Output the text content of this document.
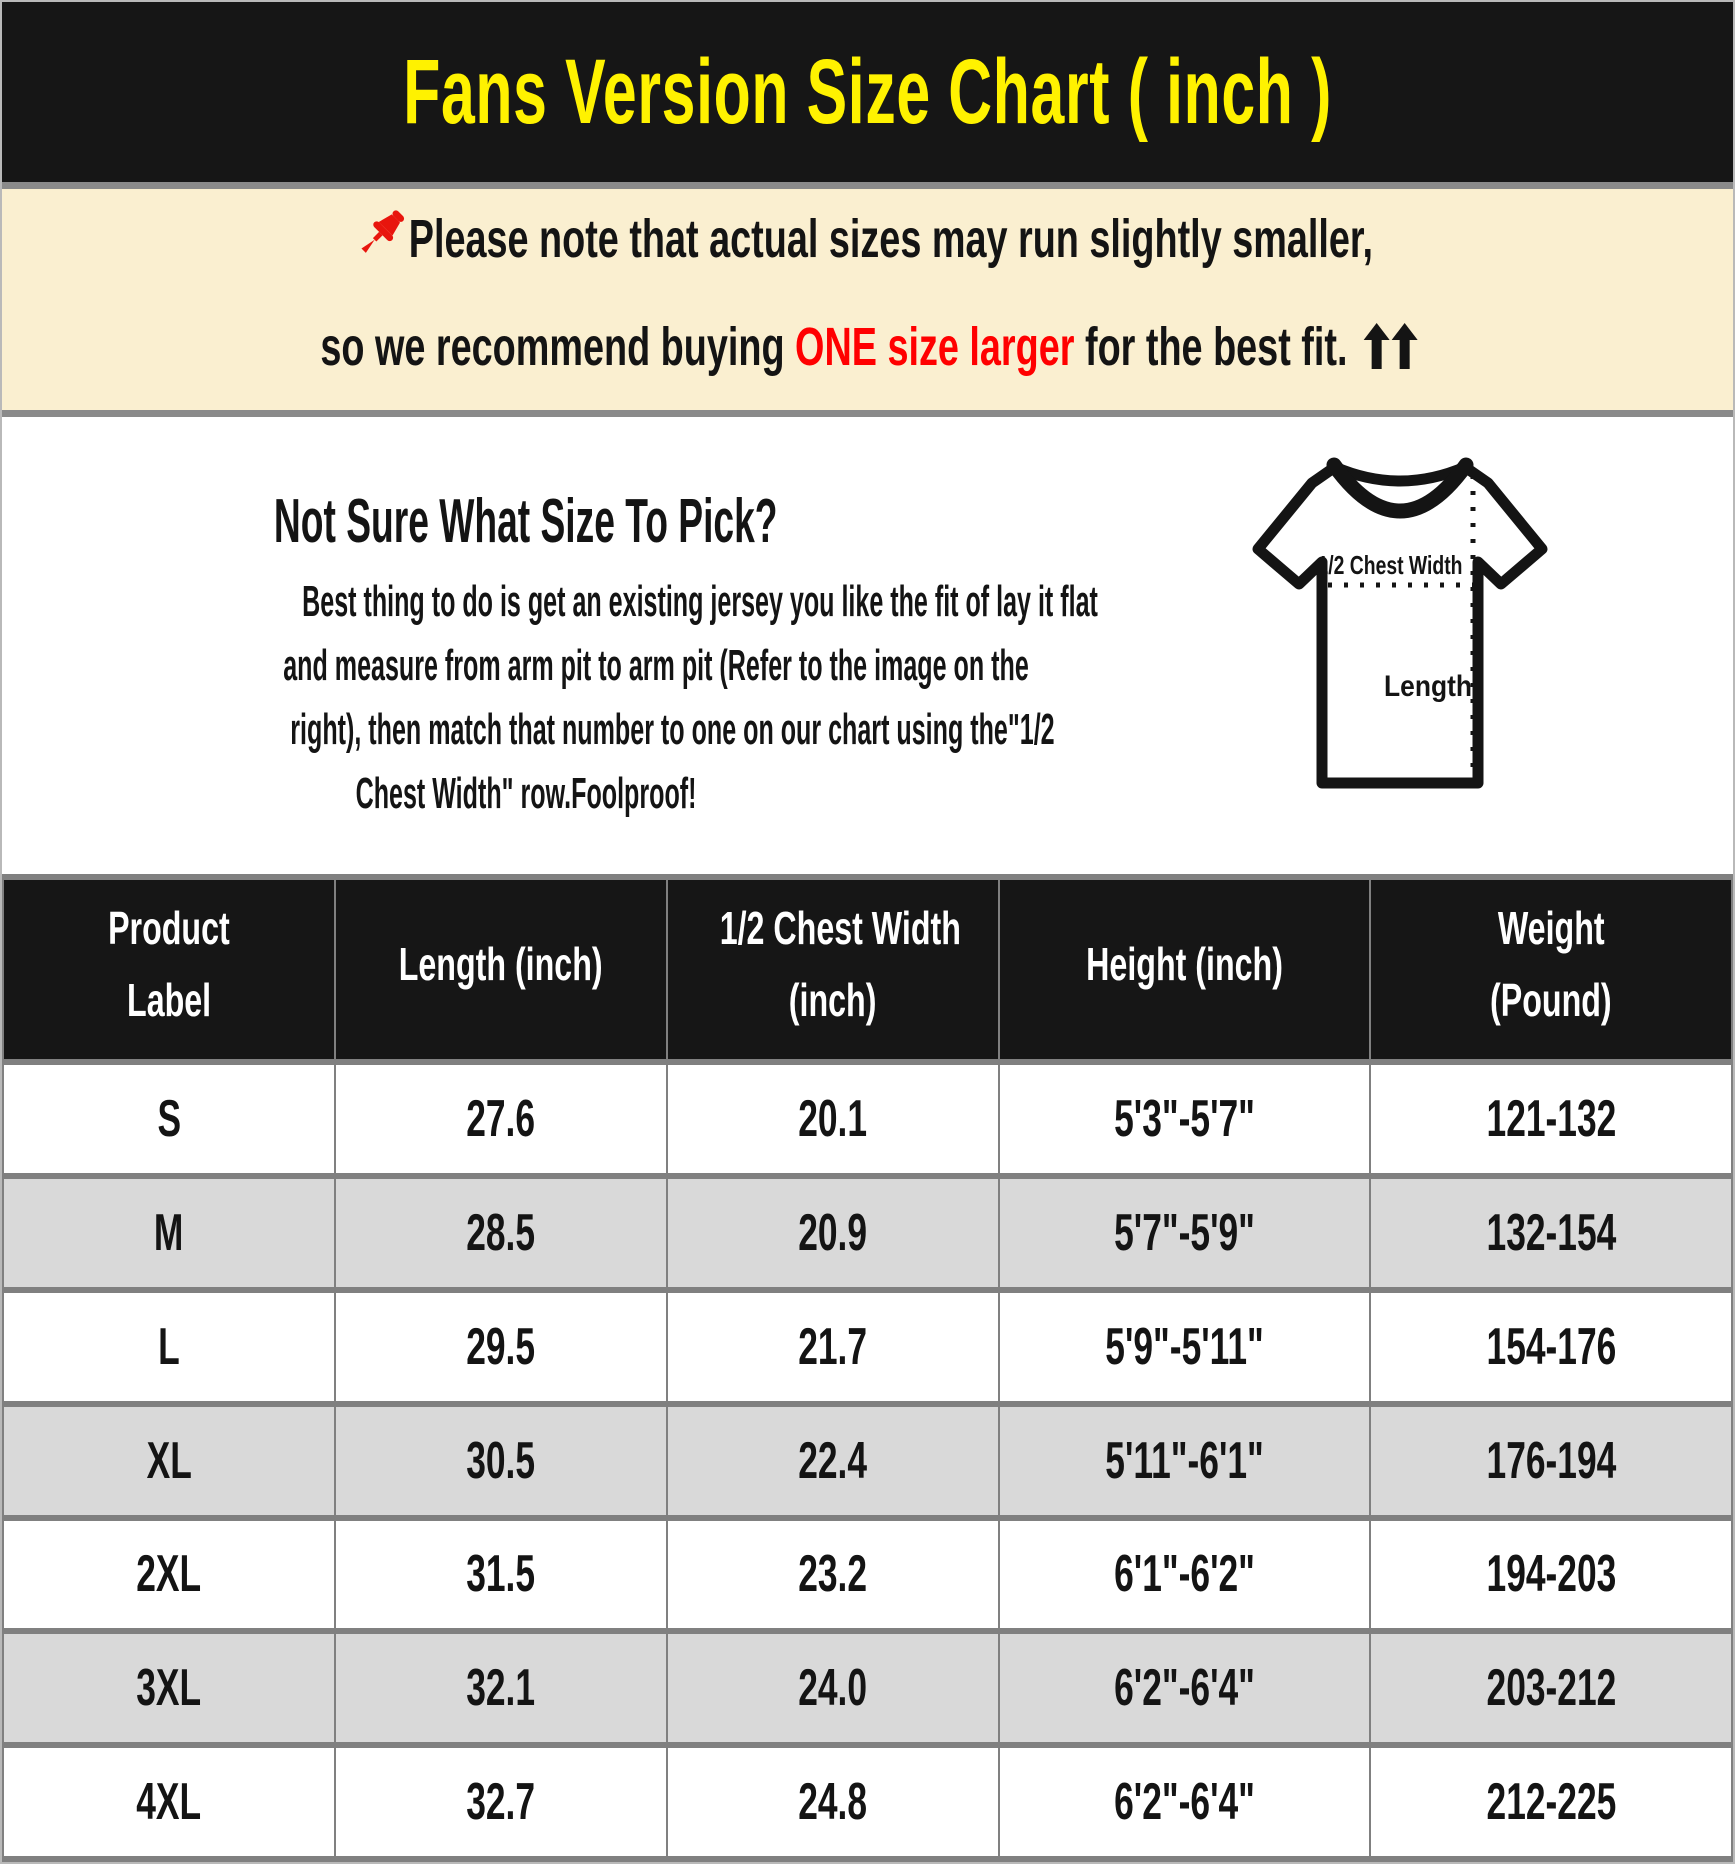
Fans Version Size Chart ( inch )
Please note that actual sizes may run slightly smaller,
so we recommend buying ONE size larger for the best fit.
Not Sure What Size To Pick?
Best thing to do is get an existing jersey you like the fit of lay it flat
and measure from arm pit to arm pit (Refer to the image on the
right), then match that number to one on our chart using the"1/2
Chest Width" row.Foolproof!
1/2 Chest Width
Length
Product
Label

Length (inch)

1/2 Chest Width
(inch)

Height (inch)

Weight
(Pound)

S	27.6	20.1	5'3"-5'7"	121-132
M	28.5	20.9	5'7"-5'9"	132-154
L	29.5	21.7	5'9"-5'11"	154-176
XL	30.5	22.4	5'11"-6'1"	176-194
2XL	31.5	23.2	6'1"-6'2"	194-203
3XL	32.1	24.0	6'2"-6'4"	203-212
4XL	32.7	24.8	6'2"-6'4"	212-225
